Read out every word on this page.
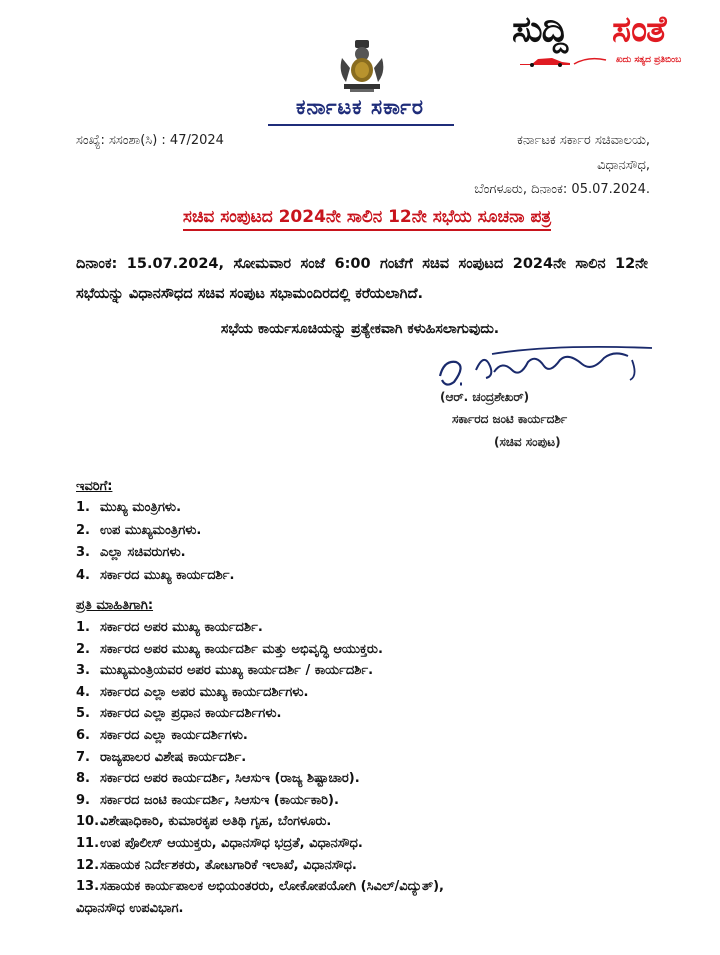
ಸುದ್ದಿ ಸಂತೆ
ಖದು ಸತ್ಯದ ಪ್ರತಿಬಿಂಬ
ಕರ್ನಾಟಕ ಸರ್ಕಾರ
ಸಂಖ್ಯೆ: ಸಸಂಶಾ(ಸಿ) : 47/2024	ಕರ್ನಾಟಕ ಸರ್ಕಾರ ಸಚಿವಾಲಯ,
ವಿಧಾನಸೌಧ,
ಬೆಂಗಳೂರು, ದಿನಾಂಕ: 05.07.2024.
ಸಚಿವ ಸಂಪುಟದ 2024ನೇ ಸಾಲಿನ 12ನೇ ಸಭೆಯ ಸೂಚನಾ ಪತ್ರ
ದಿನಾಂಕ: 15.07.2024, ಸೋಮವಾರ ಸಂಜೆ 6:00 ಗಂಟೆಗೆ ಸಚಿವ ಸಂಪುಟದ 2024ನೇ ಸಾಲಿನ 12ನೇ ಸಭೆಯನ್ನು ವಿಧಾನಸೌಧದ ಸಚಿವ ಸಂಪುಟ ಸಭಾಮಂದಿರದಲ್ಲಿ ಕರೆಯಲಾಗಿದೆ.
ಸಭೆಯ ಕಾರ್ಯಸೂಚಿಯನ್ನು ಪ್ರತ್ಯೇಕವಾಗಿ ಕಳುಹಿಸಲಾಗುವುದು.
(ಆರ್. ಚಂದ್ರಶೇಖರ್)
ಸರ್ಕಾರದ ಜಂಟಿ ಕಾರ್ಯದರ್ಶಿ
(ಸಚಿವ ಸಂಪುಟ)
ಇವರಿಗೆ:
1. ಮುಖ್ಯ ಮಂತ್ರಿಗಳು.
2. ಉಪ ಮುಖ್ಯಮಂತ್ರಿಗಳು.
3. ಎಲ್ಲಾ ಸಚಿವರುಗಳು.
4. ಸರ್ಕಾರದ ಮುಖ್ಯ ಕಾರ್ಯದರ್ಶಿ.
ಪ್ರತಿ ಮಾಹಿತಿಗಾಗಿ:
1. ಸರ್ಕಾರದ ಅಪರ ಮುಖ್ಯ ಕಾರ್ಯದರ್ಶಿ.
2. ಸರ್ಕಾರದ ಅಪರ ಮುಖ್ಯ ಕಾರ್ಯದರ್ಶಿ ಮತ್ತು ಅಭಿವೃದ್ಧಿ ಆಯುಕ್ತರು.
3. ಮುಖ್ಯಮಂತ್ರಿಯವರ ಅಪರ ಮುಖ್ಯ ಕಾರ್ಯದರ್ಶಿ / ಕಾರ್ಯದರ್ಶಿ.
4. ಸರ್ಕಾರದ ಎಲ್ಲಾ ಅಪರ ಮುಖ್ಯ ಕಾರ್ಯದರ್ಶಿಗಳು.
5. ಸರ್ಕಾರದ ಎಲ್ಲಾ ಪ್ರಧಾನ ಕಾರ್ಯದರ್ಶಿಗಳು.
6. ಸರ್ಕಾರದ ಎಲ್ಲಾ ಕಾರ್ಯದರ್ಶಿಗಳು.
7. ರಾಜ್ಯಪಾಲರ ವಿಶೇಷ ಕಾರ್ಯದರ್ಶಿ.
8. ಸರ್ಕಾರದ ಅಪರ ಕಾರ್ಯದರ್ಶಿ, ಸಿಆಸುಇ (ರಾಜ್ಯ ಶಿಷ್ಟಾಚಾರ).
9. ಸರ್ಕಾರದ ಜಂಟಿ ಕಾರ್ಯದರ್ಶಿ, ಸಿಆಸುಇ (ಕಾರ್ಯಕಾರಿ).
10.ವಿಶೇಷಾಧಿಕಾರಿ, ಕುಮಾರಕೃಪ ಅತಿಥಿ ಗೃಹ, ಬೆಂಗಳೂರು.
11.ಉಪ ಪೊಲೀಸ್ ಆಯುಕ್ತರು, ವಿಧಾನಸೌಧ ಭದ್ರತೆ, ವಿಧಾನಸೌಧ.
12.ಸಹಾಯಕ ನಿರ್ದೇಶಕರು, ತೋಟಗಾರಿಕೆ ಇಲಾಖೆ, ವಿಧಾನಸೌಧ.
13.ಸಹಾಯಕ ಕಾರ್ಯಪಾಲಕ ಅಭಿಯಂತರರು, ಲೋಕೋಪಯೋಗಿ (ಸಿವಿಲ್/ವಿದ್ಯುತ್),
ವಿಧಾನಸೌಧ ಉಪವಿಭಾಗ.
